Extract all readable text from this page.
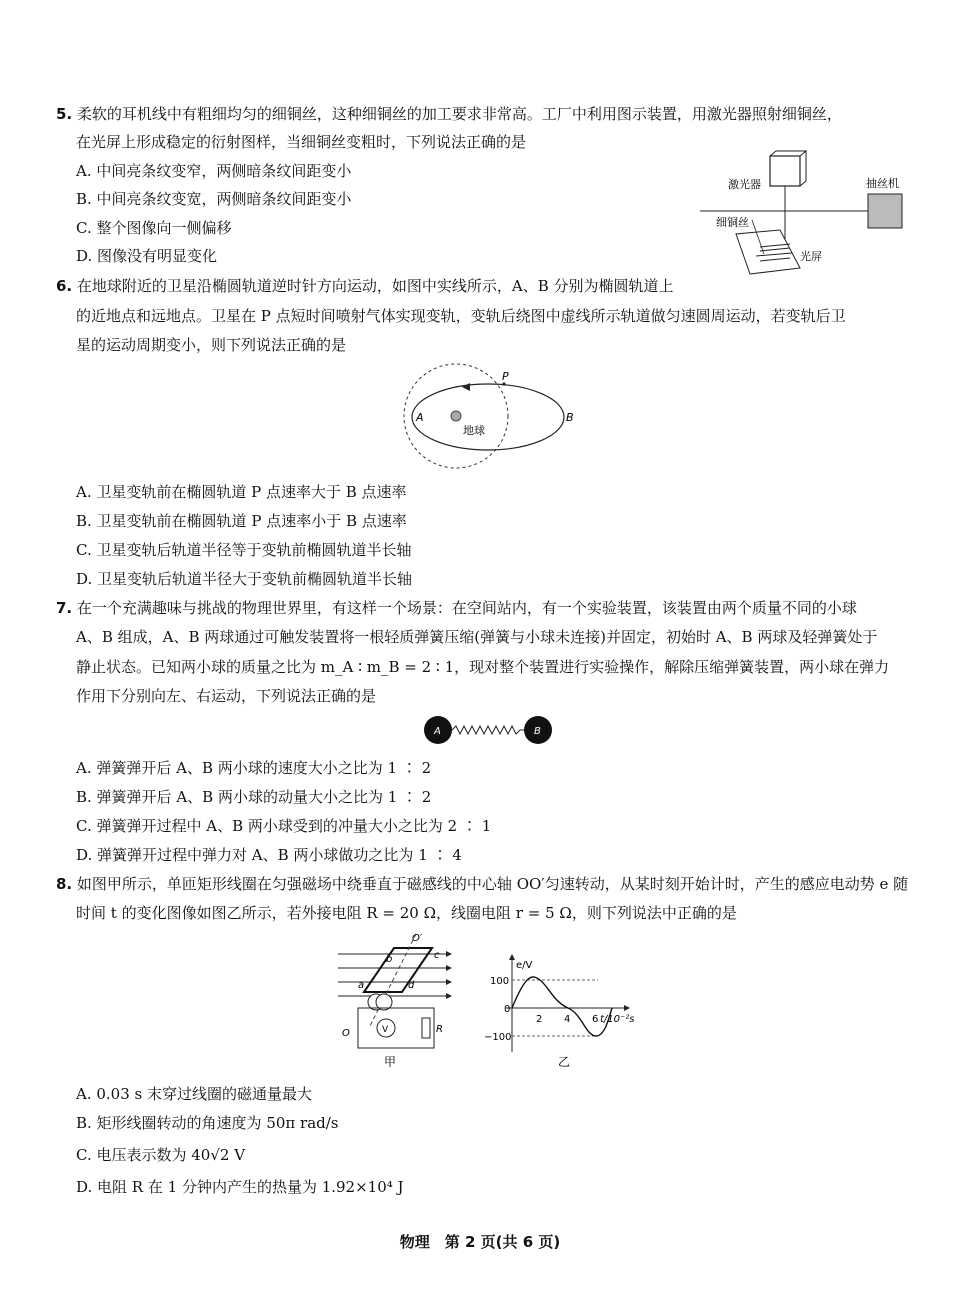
5. 柔软的耳机线中有粗细均匀的细铜丝，这种细铜丝的加工要求非常高。工厂中利用图示装置，用激光器照射细铜丝，
在光屏上形成稳定的衍射图样，当细铜丝变粗时，下列说法正确的是
A. 中间亮条纹变窄，两侧暗条纹间距变小
B. 中间亮条纹变宽，两侧暗条纹间距变小
C. 整个图像向一侧偏移
D. 图像没有明显变化
激光器	抽丝机
细铜丝
光屏
6. 在地球附近的卫星沿椭圆轨道逆时针方向运动，如图中实线所示，A、B 分别为椭圆轨道上
的近地点和远地点。卫星在 P 点短时间喷射气体实现变轨，变轨后绕图中虚线所示轨道做匀速圆周运动，若变轨后卫
星的运动周期变小，则下列说法正确的是
A	B
P
地球
A. 卫星变轨前在椭圆轨道 P 点速率大于 B 点速率
B. 卫星变轨前在椭圆轨道 P 点速率小于 B 点速率
C. 卫星变轨后轨道半径等于变轨前椭圆轨道半长轴
D. 卫星变轨后轨道半径大于变轨前椭圆轨道半长轴
7. 在一个充满趣味与挑战的物理世界里，有这样一个场景：在空间站内，有一个实验装置，该装置由两个质量不同的小球
A、B 组成，A、B 两球通过可触发装置将一根轻质弹簧压缩(弹簧与小球未连接)并固定，初始时 A、B 两球及轻弹簧处于
静止状态。已知两小球的质量之比为 m_A ∶ m_B = 2 ∶ 1，现对整个装置进行实验操作，解除压缩弹簧装置，两小球在弹力
作用下分别向左、右运动，下列说法正确的是
A	B
A. 弹簧弹开后 A、B 两小球的速度大小之比为 1 ∶ 2
B. 弹簧弹开后 A、B 两小球的动量大小之比为 1 ∶ 2
C. 弹簧弹开过程中 A、B 两小球受到的冲量大小之比为 2 ∶ 1
D. 弹簧弹开过程中弹力对 A、B 两小球做功之比为 1 ∶ 4
8. 如图甲所示，单匝矩形线圈在匀强磁场中绕垂直于磁感线的中心轴 OO′匀速转动，从某时刻开始计时，产生的感应电动势 e 随
时间 t 的变化图像如图乙所示，若外接电阻 R = 20 Ω，线圈电阻 r = 5 Ω，则下列说法中正确的是
O′
O
a
b	c
d
V	R
甲
e/V
100
0
−100
2 4 6 t/10⁻²s
乙
A. 0.03 s 末穿过线圈的磁通量最大
B. 矩形线圈转动的角速度为 50π rad/s
C. 电压表示数为 40√2 V
D. 电阻 R 在 1 分钟内产生的热量为 1.92×10⁴ J
物理　第 2 页(共 6 页)
